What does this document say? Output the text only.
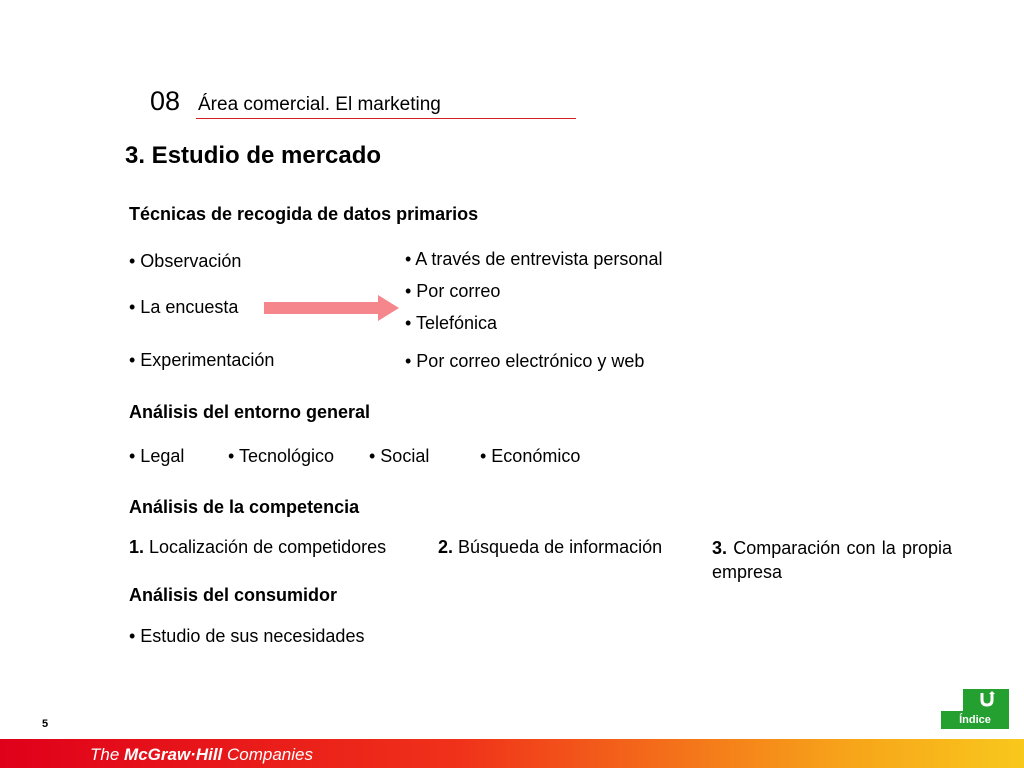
08 Área comercial. El marketing
3. Estudio de mercado
Técnicas de recogida de datos primarios
• Observación
• La encuesta
• Experimentación
• A través de entrevista personal
• Por correo
• Telefónica
• Por correo electrónico y web
Análisis del entorno general
• Legal • Tecnológico • Social	• Económico
Análisis de la competencia
1. Localización de competidores	2. Búsqueda de información	3. Comparación con la propia empresa
Análisis del consumidor
• Estudio de sus necesidades
5	Índice
The McGraw·Hill Companies
